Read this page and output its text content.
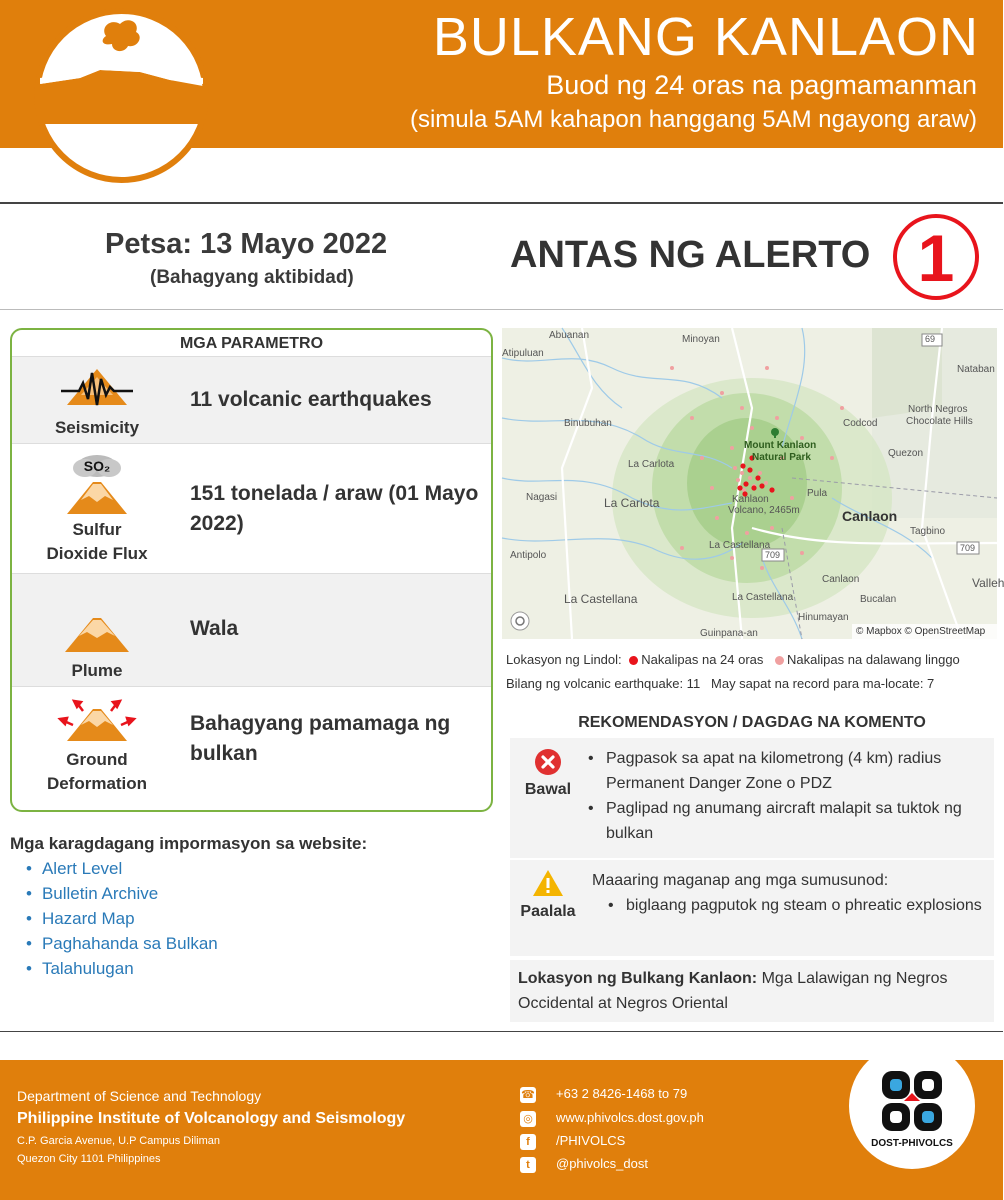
BULKANG KANLAON
Buod ng 24 oras na pagmamanman
(simula 5AM kahapon hanggang 5AM ngayong araw)
Petsa: 13 Mayo 2022
(Bahagyang aktibidad)
ANTAS NG ALERTO 1
MGA PARAMETRO
Seismicity
11 volcanic earthquakes
SO₂
Sulfur Dioxide Flux
151 tonelada / araw (01 Mayo 2022)
Plume
Wala
Ground Deformation
Bahagyang pamamaga ng bulkan
Mga karagdagang impormasyon sa website:
• Alert Level
• Bulletin Archive
• Hazard Map
• Paghahanda sa Bulkan
• Talahulugan
Abuanan	Minoyan
Atipuluan
69
Nataban
Binubuhan	Codcod
North Negros
Chocolate Hills
Mount Kanlaon
Natural Park	Quezon
La Carlota
Nagasi	La Carlota	Kanlaon
Volcano, 2465m
Pula
Canlaon
Tagbino
La Castellana
709
709
Antipolo
Valleh
Canlaon
La Castellana	La Castellana	Bucalan
Hinumayan
Guinpana-an	© Mapbox © OpenStreetMap
Lokasyon ng Lindol: Nakalipas na 24 oras Nakalipas na dalawang linggo
Bilang ng volcanic earthquake: 11   May sapat na record para ma-locate: 7
REKOMENDASYON / DAGDAG NA KOMENTO
Bawal
• Pagpasok sa apat na kilometrong (4 km) radius Permanent Danger Zone o PDZ
• Paglipad ng anumang aircraft malapit sa tuktok ng bulkan
Paalala
Maaaring maganap ang mga sumusunod:
• biglaang pagputok ng steam o phreatic explosions
Lokasyon ng Bulkang Kanlaon: Mga Lalawigan ng Negros Occidental at Negros Oriental
Department of Science and Technology
Philippine Institute of Volcanology and Seismology
C.P. Garcia Avenue, U.P Campus Diliman
Quezon City 1101 Philippines
☎ +63 2 8426-1468 to 79
◎ www.phivolcs.dost.gov.ph
f /PHIVOLCS
t @phivolcs_dost
DOST-PHIVOLCS
